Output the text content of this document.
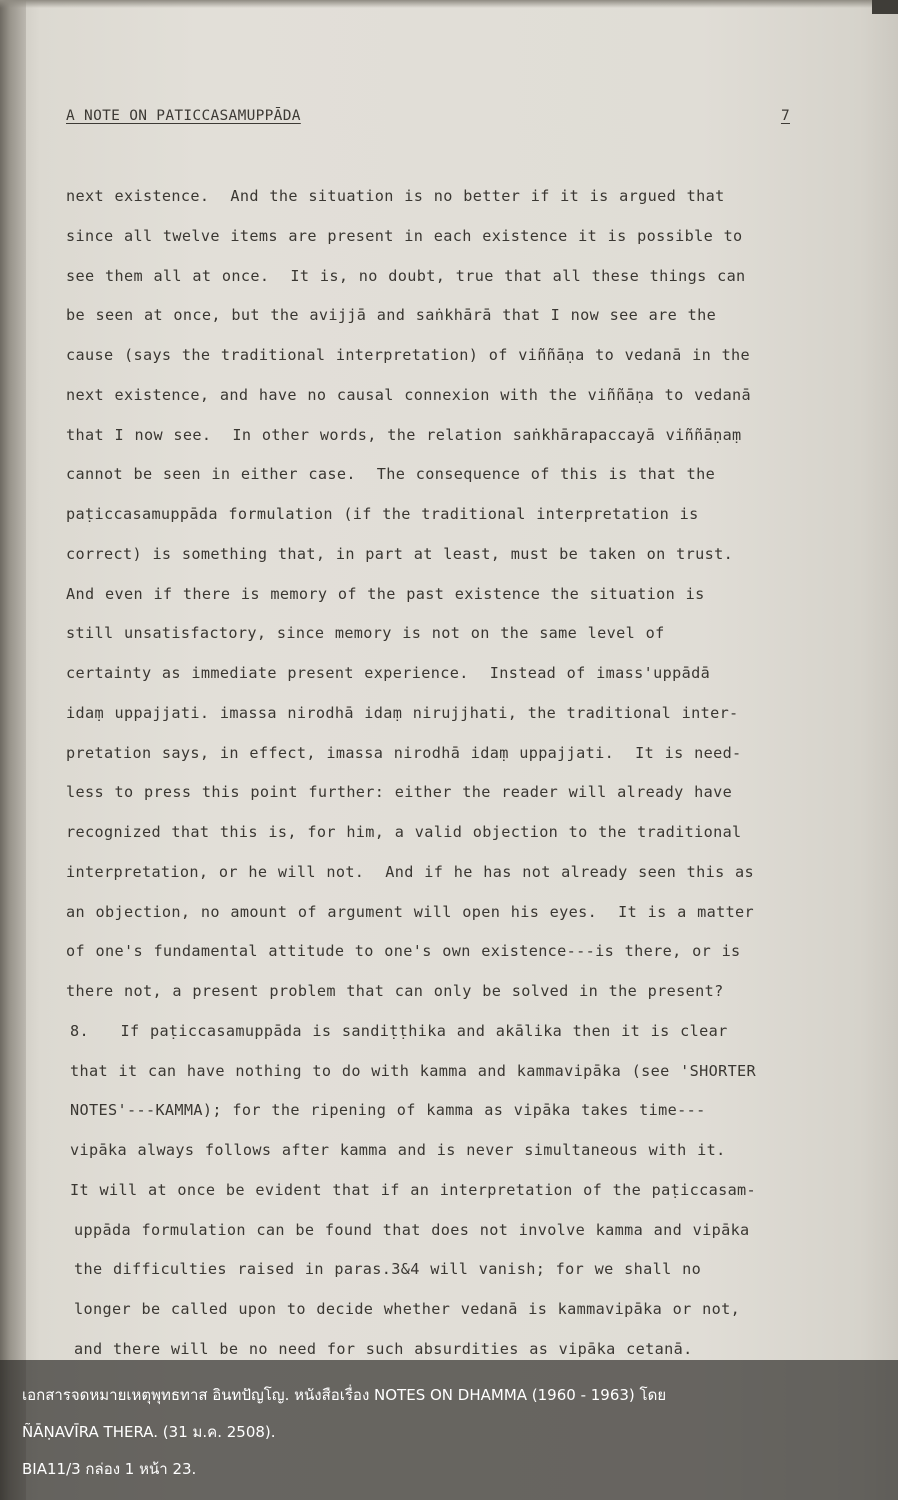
A NOTE ON PATICCASAMUPPĀDA	7
next existence.  And the situation is no better if it is argued that
since all twelve items are present in each existence it is possible to
see them all at once.  It is, no doubt, true that all these things can
be seen at once, but the avijjā and saṅkhārā that I now see are the
cause (says the traditional interpretation) of viññāṇa to vedanā in the
next existence, and have no causal connexion with the viññāṇa to vedanā
that I now see.  In other words, the relation saṅkhārapaccayā viññāṇaṃ
cannot be seen in either case.  The consequence of this is that the
paṭiccasamuppāda formulation (if the traditional interpretation is
correct) is something that, in part at least, must be taken on trust.
And even if there is memory of the past existence the situation is
still unsatisfactory, since memory is not on the same level of
certainty as immediate present experience.  Instead of imass'uppādā
idaṃ uppajjati. imassa nirodhā idaṃ nirujjhati, the traditional inter-
pretation says, in effect, imassa nirodhā idaṃ uppajjati.  It is need-
less to press this point further: either the reader will already have
recognized that this is, for him, a valid objection to the traditional
interpretation, or he will not.  And if he has not already seen this as
an objection, no amount of argument will open his eyes.  It is a matter
of one's fundamental attitude to one's own existence---is there, or is
there not, a present problem that can only be solved in the present?
8.   If paṭiccasamuppāda is sandiṭṭhika and akālika then it is clear
that it can have nothing to do with kamma and kammavipāka (see 'SHORTER
NOTES'---KAMMA); for the ripening of kamma as vipāka takes time---
vipāka always follows after kamma and is never simultaneous with it.
It will at once be evident that if an interpretation of the paṭiccasam-
uppāda formulation can be found that does not involve kamma and vipāka
the difficulties raised in paras.3&4 will vanish; for we shall no
longer be called upon to decide whether vedanā is kammavipāka or not,
and there will be no need for such absurdities as vipāka cetanā.
เอกสารจดหมายเหตุพุทธทาส อินทปัญโญ. หนังสือเรื่อง NOTES ON DHAMMA (1960 - 1963) โดย
ÑĀṆAVĪRA THERA. (31 ม.ค. 2508).
BIA11/3 กล่อง 1 หน้า 23.
